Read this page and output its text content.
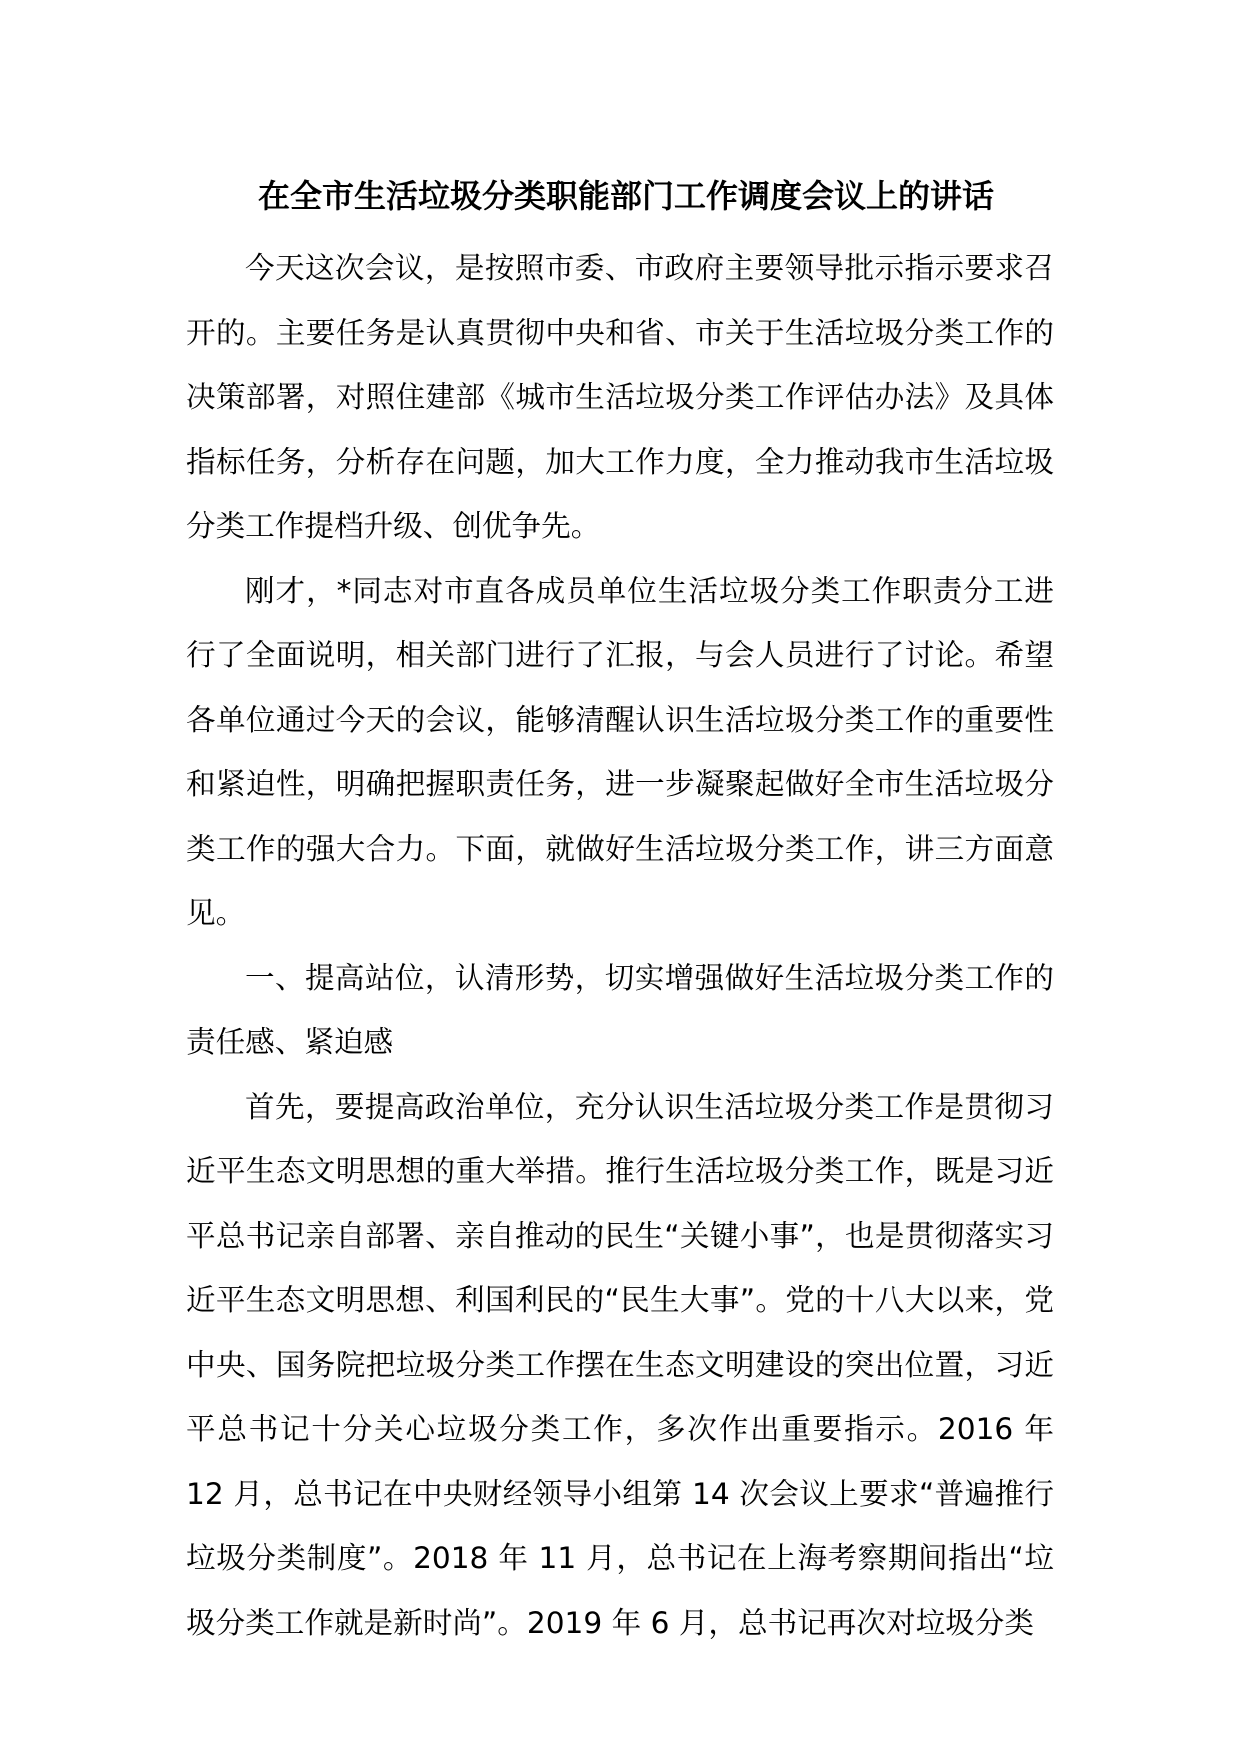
在全市生活垃圾分类职能部门工作调度会议上的讲话

今天这次会议，是按照市委、市政府主要领导批示指示要求召开的。主要任务是认真贯彻中央和省、市关于生活垃圾分类工作的决策部署，对照住建部《城市生活垃圾分类工作评估办法》及具体指标任务，分析存在问题，加大工作力度，全力推动我市生活垃圾分类工作提档升级、创优争先。

刚才，*同志对市直各成员单位生活垃圾分类工作职责分工进行了全面说明，相关部门进行了汇报，与会人员进行了讨论。希望各单位通过今天的会议，能够清醒认识生活垃圾分类工作的重要性和紧迫性，明确把握职责任务，进一步凝聚起做好全市生活垃圾分类工作的强大合力。下面，就做好生活垃圾分类工作，讲三方面意见。

一、提高站位，认清形势，切实增强做好生活垃圾分类工作的责任感、紧迫感

首先，要提高政治单位，充分认识生活垃圾分类工作是贯彻习近平生态文明思想的重大举措。推行生活垃圾分类工作，既是习近平总书记亲自部署、亲自推动的民生“关键小事”，也是贯彻落实习近平生态文明思想、利国利民的“民生大事”。党的十八大以来，党中央、国务院把垃圾分类工作摆在生态文明建设的突出位置，习近平总书记十分关心垃圾分类工作，多次作出重要指示。2016 年 12 月，总书记在中央财经领导小组第 14 次会议上要求“普遍推行垃圾分类制度”。2018 年 11 月，总书记在上海考察期间指出“垃圾分类工作就是新时尚”。2019 年 6 月，总书记再次对垃圾分类
